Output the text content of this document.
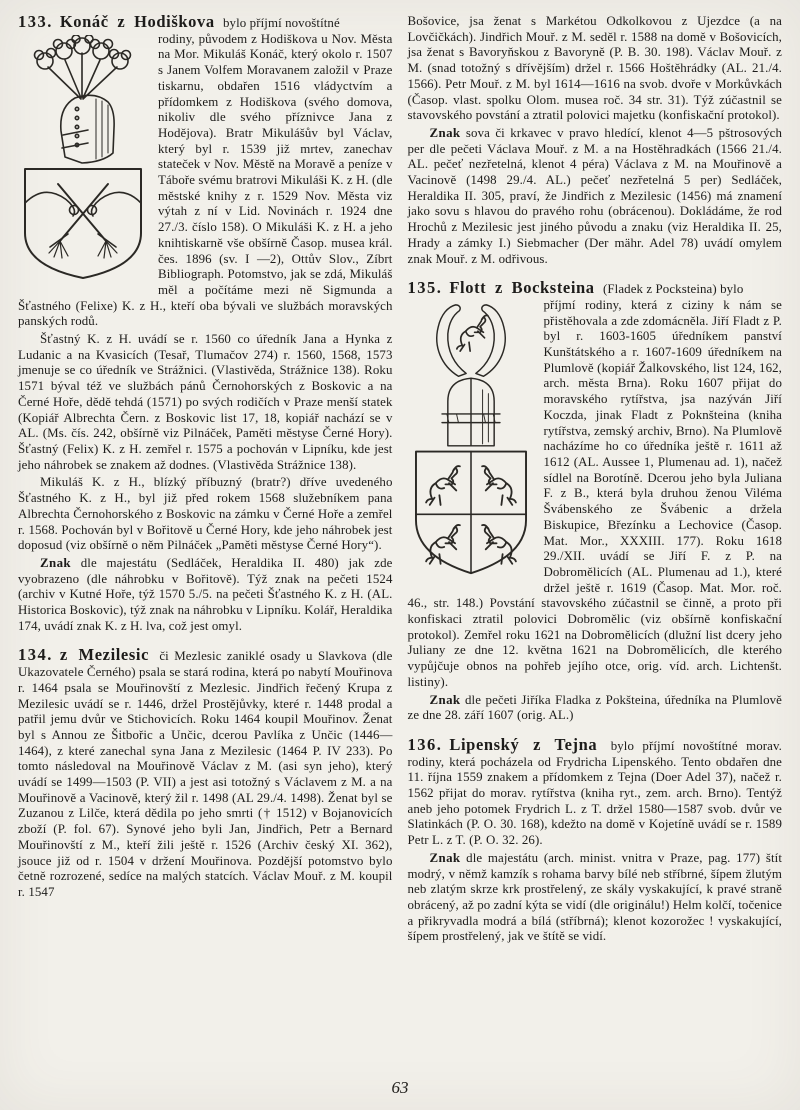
133. Konáč z Hodiškova bylo příjmí novoštítné

rodiny, původem z Hodiškova u Nov. Města na Mor. Mikuláš Konáč, který okolo r. 1507 s Janem Volfem Moravanem založil v Praze tiskarnu, obdařen 1516 vládyctvím a přídomkem z Hodiškova (svého domova, nikoliv dle svého příznivce Jana z Hodějova). Bratr Mikulášův byl Václav, který byl r. 1539 již mrtev, zanechav stateček v Nov. Městě na Moravě a peníze v Táboře svému bratrovi Mikuláši K. z H. (dle městské knihy z r. 1529 Nov. Města viz výtah z ní v Lid. Novinách r. 1924 dne 27./3. číslo 158). O Mikuláši K. z H. a jeho knihtiskarně vše obšírně Časop. musea král. čes. 1896 (sv. I —2), Ottův Slov., Zíbrt Bibliograph. Potomstvo, jak se zdá, Mikuláš měl a počítáme mezi ně Sigmunda a Šťastného (Felixe) K. z H., kteří oba bývali ve službách moravských panských rodů.

Šťastný K. z H. uvádí se r. 1560 co úředník Jana a Hynka z Ludanic a na Kvasicích (Tesař, Tlumačov 274) r. 1560, 1568, 1573 jmenuje se co úředník ve Strážnici. (Vlastivěda, Strážnice 138). Roku 1571 býval též ve službách pánů Černohorských z Boskovic a na Černé Hoře, dědě tehdá (1571) po svých rodičích v Praze menší statek (Kopiář Albrechta Čern. z Boskovic list 17, 18, kopiář nachází se v AL. (Ms. čís. 242, obšírně viz Pilnáček, Paměti městyse Černé Hory). Šťastný (Felix) K. z H. zemřel r. 1575 a pochován v Lipníku, kde jest jeho náhrobek se znakem až dodnes. (Vlastivěda Strážnice 138).

Mikuláš K. z H., blízký příbuzný (bratr?) dříve uvedeného Šťastného K. z H., byl již před rokem 1568 služebníkem pana Albrechta Černohorského z Boskovic na zámku v Černé Hoře a zemřel r. 1568. Pochován byl v Bořitově u Černé Hory, kde jeho náhrobek jest doposud (viz obšírně o něm Pilnáček „Paměti městyse Černé Hory“).

Znak dle majestátu (Sedláček, Heraldika II. 480) jak zde vyobrazeno (dle náhrobku v Bořitově). Týž znak na pečeti 1524 (archiv v Kutné Hoře, týž 1570 5./5. na pečeti Šťastného K. z H. (AL. Historica Boskovic), týž znak na náhrobku v Lipníku. Kolář, Heraldika 174, uvádí znak K. z H. lva, což jest omyl.

134. z Mezilesic či Mezlesic zaniklé osady u Slavkova (dle Ukazovatele Černého) psala se stará rodina, která po nabytí Mouřinova r. 1464 psala se Mouřinovští z Mezlesic. Jindřich řečený Krupa z Mezilesic uvádí se r. 1446, držel Prostějůvky, které r. 1448 prodal a patřil jemu dvůr ve Stichovicích. Roku 1464 koupil Mouřinov. Ženat byl s Annou ze Šitbořic a Unčic, dcerou Pavlíka z Unčic (1446—1464), z které zanechal syna Jana z Mezilesic (1464 P. IV 233). Po tomto následoval na Mouřinově Václav z M. (asi syn jeho), který uvádí se 1499—1503 (P. VII) a jest asi totožný s Václavem z M. a na Mouřinově a Vacinově, který žil r. 1498 (AL 29./4. 1498). Ženat byl se Zuzanou z Lilče, která dědila po jeho smrti († 1512) v Bojanovicích zboží (P. fol. 67). Synové jeho byli Jan, Jindřich, Petr a Bernard Mouřinovští z M., kteří žili ještě r. 1526 (Archiv český XI. 362), jsouce již od r. 1504 v držení Mouřinova. Pozdější potomstvo bylo četně rozrozené, sedíce na malých statcích. Václav Mouř. z M. koupil r. 1547

Bošovice, jsa ženat s Markétou Odkolkovou z Ujezdce (a na Lovčičkách). Jindřich Mouř. z M. seděl r. 1588 na domě v Bošovicích, jsa ženat s Bavoryňskou z Bavoryně (P. B. 30. 198). Václav Mouř. z M. (snad totožný s dřívějším) držel r. 1566 Hoštěhrádky (AL. 21./4. 1566). Petr Mouř. z M. byl 1614—1616 na svob. dvoře v Morkůvkách (Časop. vlast. spolku Olom. musea roč. 34 str. 31). Týž zúčastnil se stavovského povstání a ztratil polovici majetku (konfiskační protokol).

Znak sova či krkavec v pravo hledící, klenot 4—5 pštrosových per dle pečeti Václava Mouř. z M. a na Hostěhradkách (1566 21./4. AL. pečeť nezřetelná, klenot 4 péra) Václava z M. na Mouřinově a Vacinově (1498 29./4. AL.) pečeť nezřetelná 5 per) Sedláček, Heraldika II. 305, praví, že Jindřich z Mezilesic (1456) má znamení jako sovu s hlavou do pravého rohu (obrácenou). Dokládáme, že rod Hrochů z Mezilesic jest jiného původu a znaku (viz Heraldika II. 25, Hrady a zámky I.) Siebmacher (Der mähr. Adel 78) uvádí omylem znak Mouř. z M. odřivous.

135. Flott z Bocksteina (Fladek z Pocksteina) bylo

příjmí rodiny, která z ciziny k nám se přistěhovala a zde zdomácněla. Jiří Fladt z P. byl r. 1603-1605 úředníkem panství Kunštátského a r. 1607-1609 úředníkem na Plumlově (kopiář Žalkovského, list 124, 162, arch. města Brna). Roku 1607 přijat do moravského rytířstva, jsa nazýván Jiří Koczda, jinak Fladt z Poknšteina (kniha rytířstva, zemský archiv, Brno). Na Plumlově nacházíme ho co úředníka ještě r. 1611 až 1612 (AL. Aussee 1, Plumenau ad. 1), načež sídlel na Borotíně. Dcerou jeho byla Juliana F. z B., která byla druhou ženou Viléma Švábenského ze Švábenic a držela Biskupice, Březínku a Lechovice (Časop. Mat. Mor., XXXIII. 177). Roku 1618 29./XII. uvádí se Jiří F. z P. na Dobromělicích (AL. Plumenau ad 1.), které držel ještě r. 1619 (Časop. Mat. Mor. roč. 46., str. 148.) Povstání stavovského zúčastnil se činně, a proto při konfiskaci ztratil polovici Dobromělic (viz obšírně konfiskační protokol). Zemřel roku 1621 na Dobromělicích (dlužní list dcery jeho Juliany ze dne 12. května 1621 na Dobromělicích, dle kterého vypůjčuje obnos na pohřeb jejího otce, orig. víd. arch. Lichtenšt. listiny).

Znak dle pečeti Jiříka Fladka z Pokšteina, úředníka na Plumlově ze dne 28. září 1607 (orig. AL.)

136. Lipenský z Tejna bylo příjmí novoštítné morav. rodiny, která pocházela od Frydricha Lipenského. Tento obdařen dne 11. října 1559 znakem a přídomkem z Tejna (Doer Adel 37), načež r. 1562 přijat do morav. rytířstva (kniha ryt., zem. arch. Brno). Tentýž aneb jeho potomek Frydrich L. z T. držel 1580—1587 svob. dvůr ve Slatinkách (P. O. 30. 168), kdežto na domě v Kojetíně uvádí se r. 1589 Petr L. z T. (P. O. 32. 26).

Znak dle majestátu (arch. minist. vnitra v Praze, pag. 177) štít modrý, v němž kamzík s rohama barvy bílé neb stříbrné, šípem žlutým neb zlatým skrze krk prostřelený, ze skály vyskakující, k pravé straně obrácený, až po zadní kýta se vidí (dle originálu!) Helm kolčí, točenice a přikryvadla modrá a bílá (stříbrná); klenot kozorožec ! vyskakující, šípem prostřelený, jak ve štítě se vidí.

63
